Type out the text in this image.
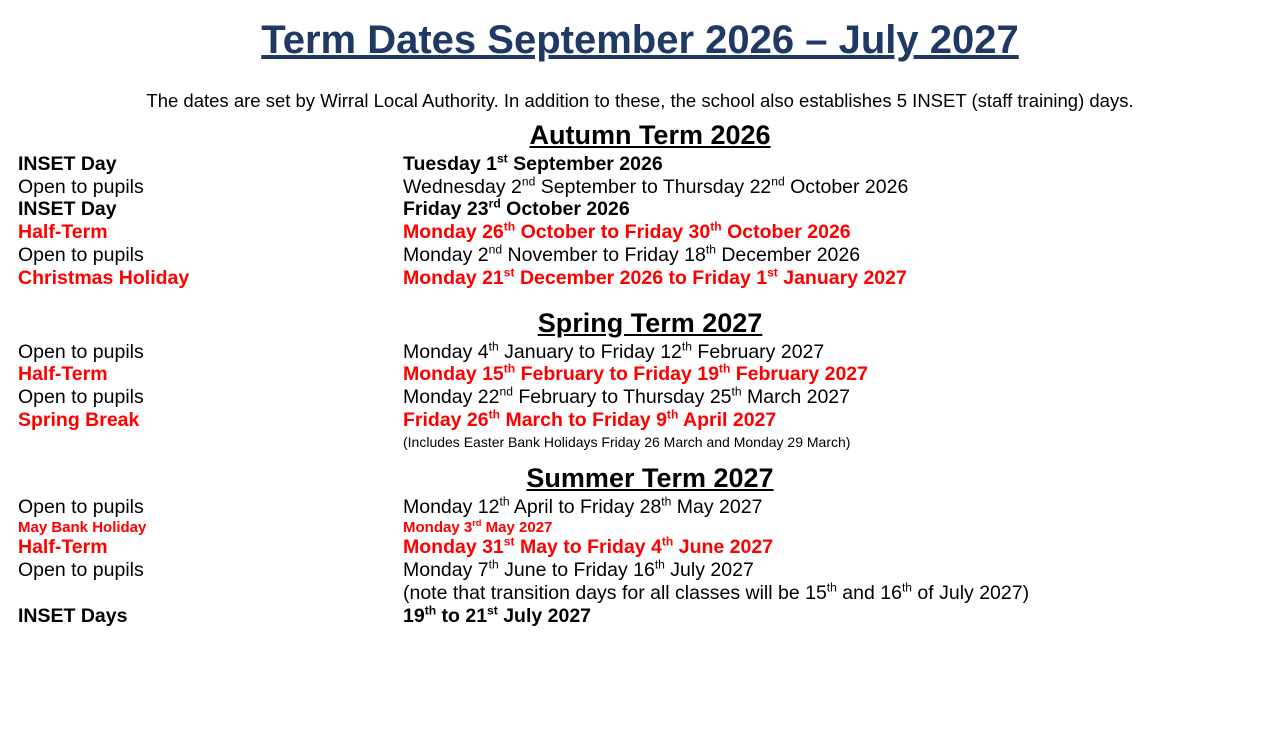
Term Dates September 2026 – July 2027
The dates are set by Wirral Local Authority. In addition to these, the school also establishes 5 INSET (staff training) days.
Autumn Term 2026
INSET Day	Tuesday 1st September 2026
Open to pupils	Wednesday 2nd September to Thursday 22nd October 2026
INSET Day	Friday 23rd October 2026
Half-Term	Monday 26th October to Friday 30th October 2026
Open to pupils	Monday 2nd November to Friday 18th December 2026
Christmas Holiday	Monday 21st December 2026 to Friday 1st January 2027
Spring Term 2027
Open to pupils	Monday 4th January to Friday 12th February 2027
Half-Term	Monday 15th February to Friday 19th February 2027
Open to pupils	Monday 22nd February to Thursday 25th March 2027
Spring Break	Friday 26th March to Friday 9th April 2027
(Includes Easter Bank Holidays Friday 26 March and Monday 29 March)
Summer Term 2027
Open to pupils	Monday 12th April to Friday 28th May 2027
May Bank Holiday	Monday 3rd May 2027
Half-Term	Monday 31st May to Friday 4th June 2027
Open to pupils	Monday 7th June to Friday 16th July 2027
(note that transition days for all classes will be 15th and 16th of July 2027)
INSET Days	19th to 21st July 2027
